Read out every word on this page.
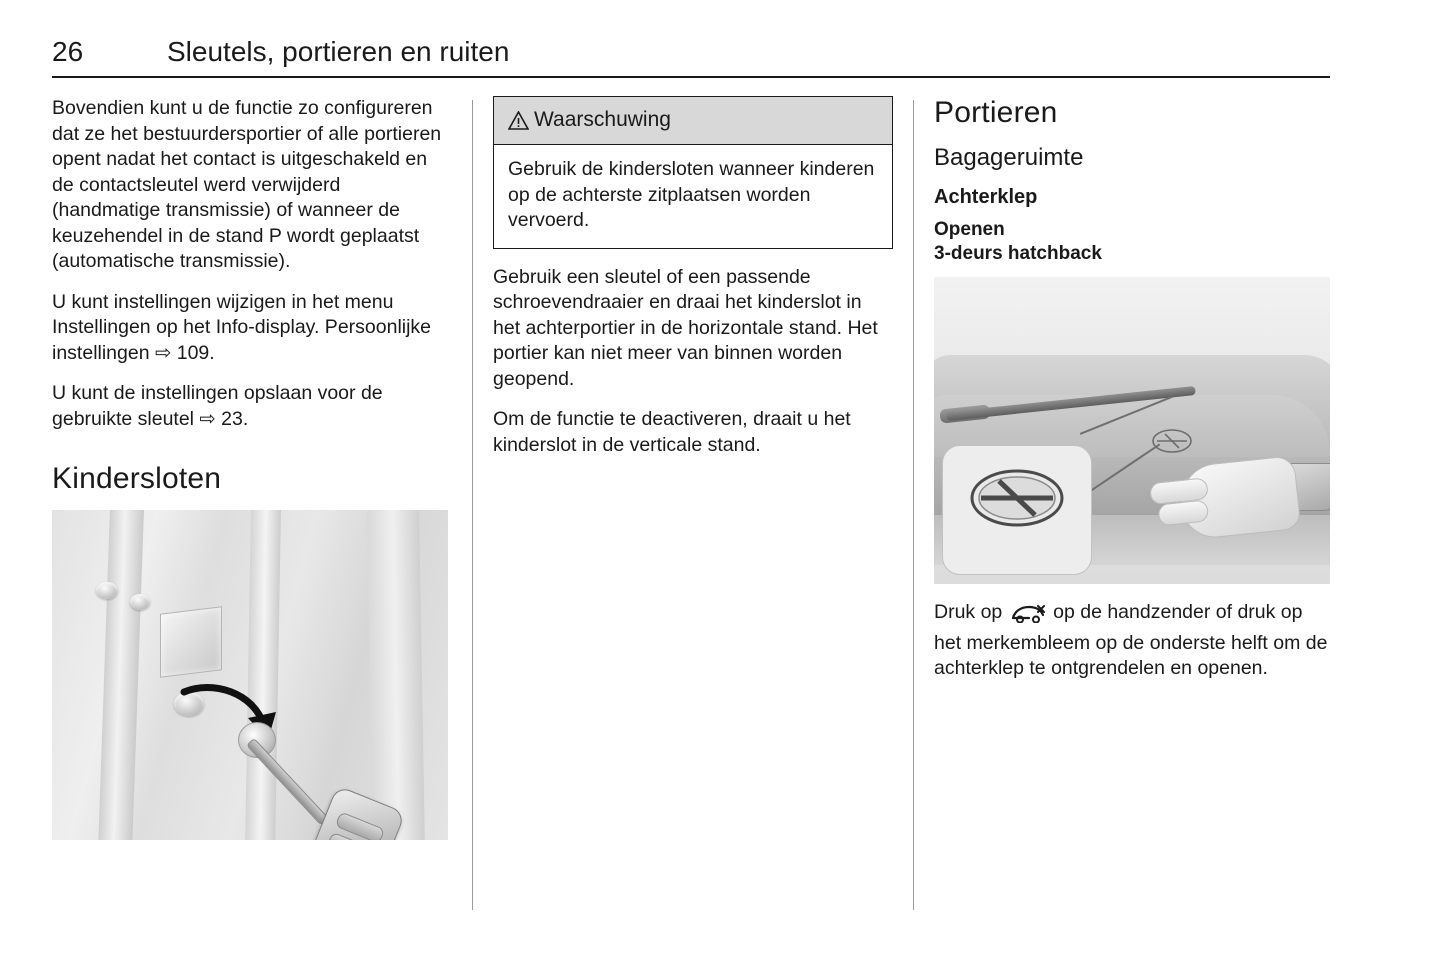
26	Sleutels, portieren en ruiten

Bovendien kunt u de functie zo configureren dat ze het bestuurdersportier of alle portieren opent nadat het contact is uitgeschakeld en de contactsleutel werd verwijderd (handmatige transmissie) of wanneer de keuzehendel in de stand P wordt geplaatst (automatische transmissie).

U kunt instellingen wijzigen in het menu Instellingen op het Info-display. Persoonlijke instellingen ⇨ 109.

U kunt de instellingen opslaan voor de gebruikte sleutel ⇨ 23.

Kindersloten
Waarschuwing
Gebruik de kindersloten wanneer kinderen op de achterste zitplaatsen worden vervoerd.

Gebruik een sleutel of een passende schroevendraaier en draai het kinderslot in het achterportier in de horizontale stand. Het portier kan niet meer van binnen worden geopend.

Om de functie te deactiveren, draait u het kinderslot in de verticale stand.

Portieren
Bagageruimte
Achterklep
Openen
3-deurs hatchback

Druk op	op de handzender of druk op het merkembleem op de onderste helft om de achterklep te ontgrendelen en openen.
